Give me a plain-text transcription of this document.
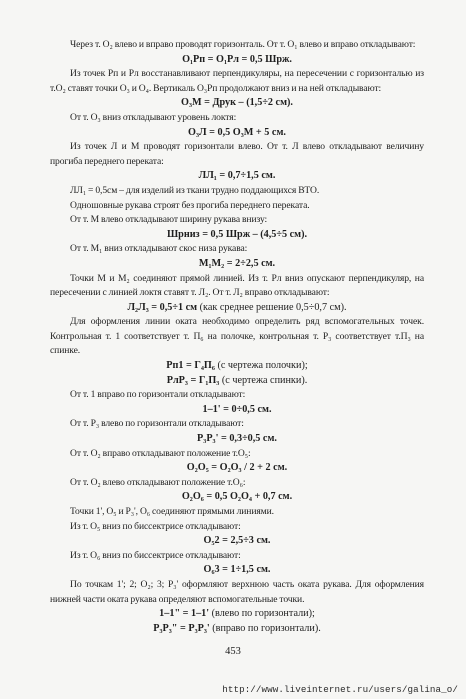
Через т. О₂ влево и вправо проводят горизонталь. От т. О₁ влево и вправо откладывают:

О₁Рп = О₁Рл = 0,5 Шрж.

Из точек Рп и Рл восстанавливают перпендикуляры, на пересечении с горизонталью из т.О₂ ставят точки О₃ и О₄. Вертикаль О₃Рп продолжают вниз и на ней откладывают:

О₃М = Друк – (1,5÷2 см).

От т. О₃ вниз откладывают уровень локтя:

О₃Л = 0,5 О₃М + 5 см.

Из точек Л и М проводят горизонтали влево. От т. Л влево откладывают величину прогиба переднего переката:

ЛЛ₁ = 0,7÷1,5 см.

ЛЛ₁ = 0,5см – для изделий из ткани трудно поддающихся ВТО.

Одношовные рукава строят без прогиба переднего переката.

От т. М влево откладывают ширину рукава внизу:

Шрниз = 0,5 Шрж – (4,5÷5 см).

От т. М₁ вниз откладывают скос низа рукава:

М₁М₂ = 2÷2,5 см.

Точки М и М₂ соединяют прямой линией. Из т. Рл вниз опускают перпендикуляр, на пересечении с линией локтя ставят т. Л₂. От т. Л₂ вправо откладывают:

Л₂Л₃ = 0,5÷1 см (как среднее решение 0,5÷0,7 см).

Для оформления линии оката необходимо определить ряд вспомогательных точек. Контрольная т. 1 соответствует т. П₆ на полочке, контрольная т. Р₃ соответствует т.П₃ на спинке.

Рп1 = Г₄П₆ (с чертежа полочки);

РлР₃ = Г₁П₃ (с чертежа спинки).

От т. 1 вправо по горизонтали откладывают:

1–1' = 0÷0,5 см.

От т. Р₃ влево по горизонтали откладывают:

Р₃Р₃' = 0,3÷0,5 см.

От т. О₂ вправо откладывают положение т.О₅:

О₂О₅ = О₂О₃ / 2 + 2 см.

От т. О₂ влево откладывают положение т.О₆:

О₂О₆ = 0,5 О₂О₄ + 0,7 см.

Точки 1', О₅ и Р₃', О₆ соединяют прямыми линиями.

Из т. О₅ вниз по биссектрисе откладывают:

О₅2 = 2,5÷3 см.

Из т. О₆ вниз по биссектрисе откладывают:

О₆3 = 1÷1,5 см.

По точкам 1'; 2; О₂; 3; Р₃' оформляют верхнюю часть оката рукава. Для оформления нижней части оката рукава определяют вспомогательные точки.

1–1" = 1–1' (влево по горизонтали);

Р₃Р₃" = Р₃Р₃' (вправо по горизонтали).

453
http://www.liveinternet.ru/users/galina_o/
